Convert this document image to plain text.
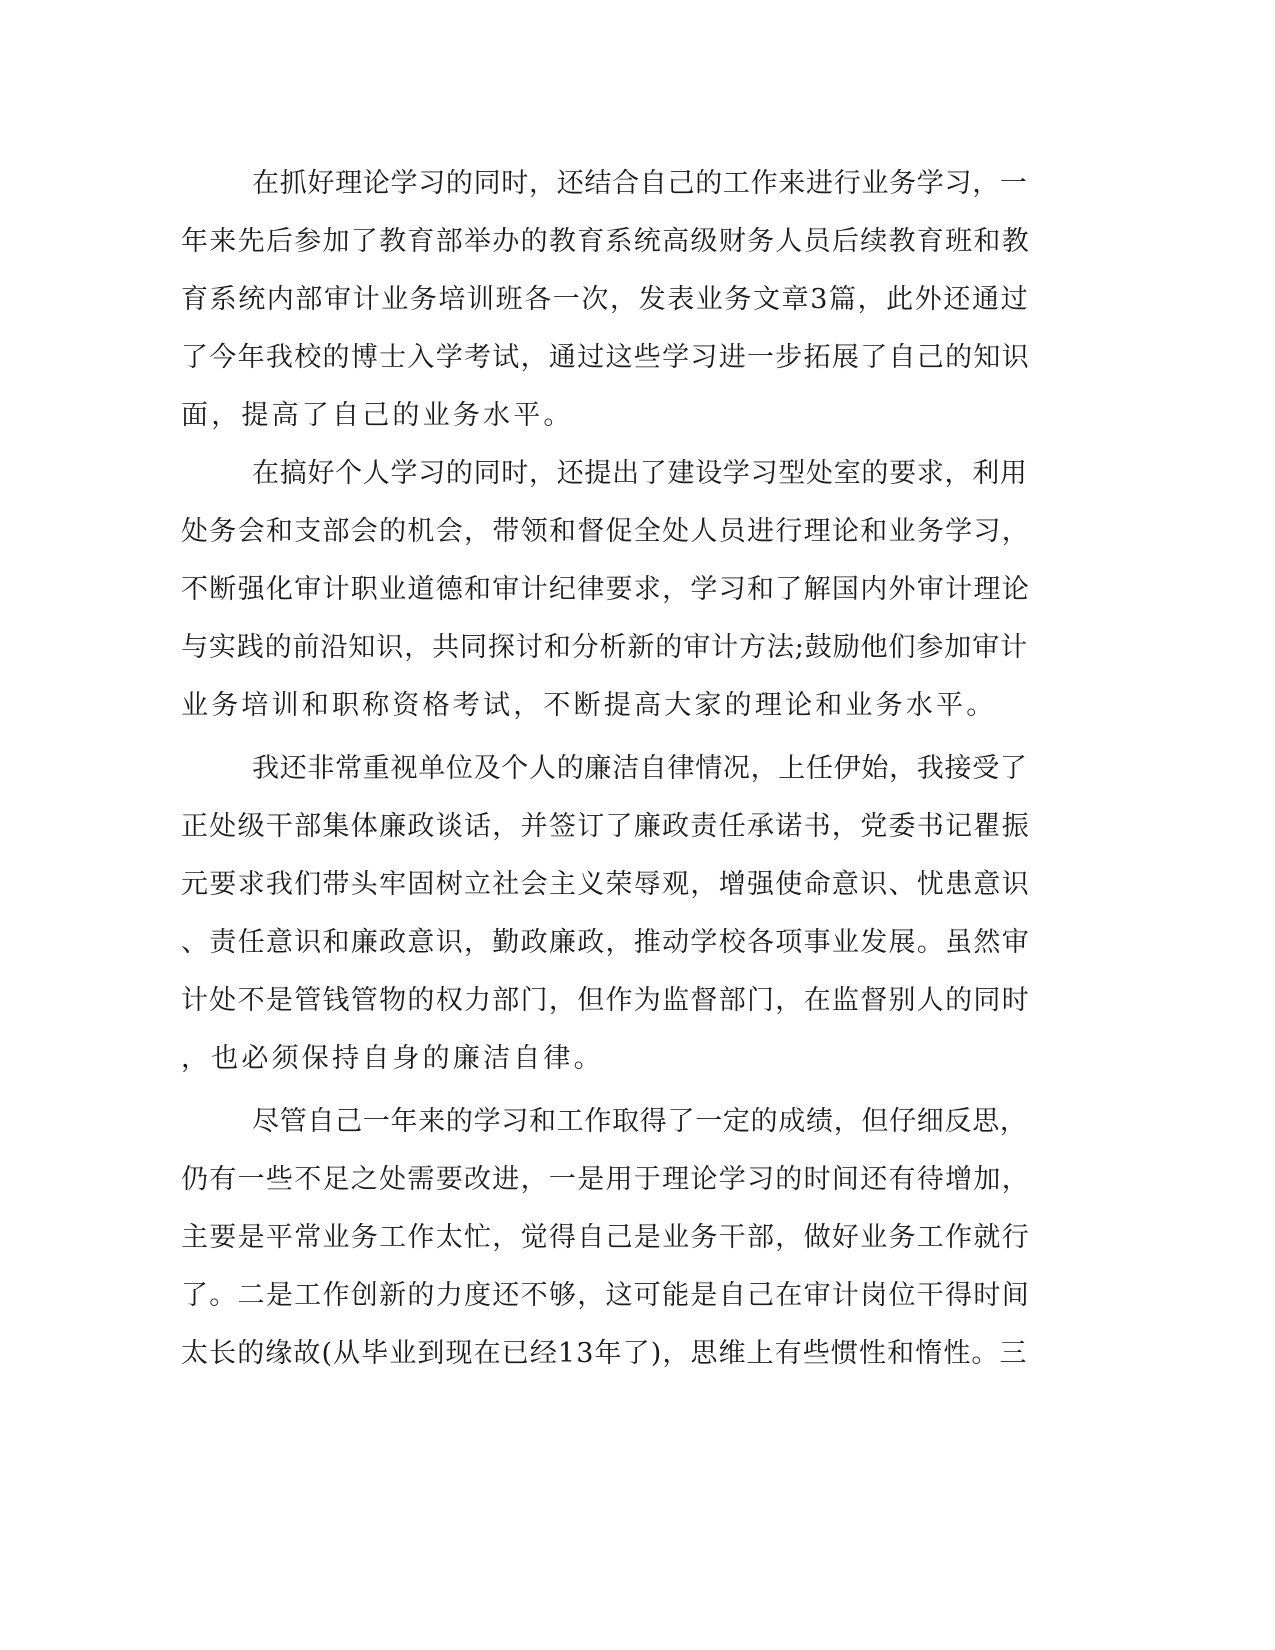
在抓好理论学习的同时，还结合自己的工作来进行业务学习，一

年来先后参加了教育部举办的教育系统高级财务人员后续教育班和教

育系统内部审计业务培训班各一次，发表业务文章3篇，此外还通过

了今年我校的博士入学考试，通过这些学习进一步拓展了自己的知识

面，提高了自己的业务水平。

在搞好个人学习的同时，还提出了建设学习型处室的要求，利用

处务会和支部会的机会，带领和督促全处人员进行理论和业务学习，

不断强化审计职业道德和审计纪律要求，学习和了解国内外审计理论

与实践的前沿知识，共同探讨和分析新的审计方法;鼓励他们参加审计

业务培训和职称资格考试，不断提高大家的理论和业务水平。

我还非常重视单位及个人的廉洁自律情况，上任伊始，我接受了

正处级干部集体廉政谈话，并签订了廉政责任承诺书，党委书记瞿振

元要求我们带头牢固树立社会主义荣辱观，增强使命意识、忧患意识

、责任意识和廉政意识，勤政廉政，推动学校各项事业发展。虽然审

计处不是管钱管物的权力部门，但作为监督部门，在监督别人的同时

，也必须保持自身的廉洁自律。

尽管自己一年来的学习和工作取得了一定的成绩，但仔细反思，

仍有一些不足之处需要改进，一是用于理论学习的时间还有待增加，

主要是平常业务工作太忙，觉得自己是业务干部，做好业务工作就行

了。二是工作创新的力度还不够，这可能是自己在审计岗位干得时间

太长的缘故(从毕业到现在已经13年了)，思维上有些惯性和惰性。三
